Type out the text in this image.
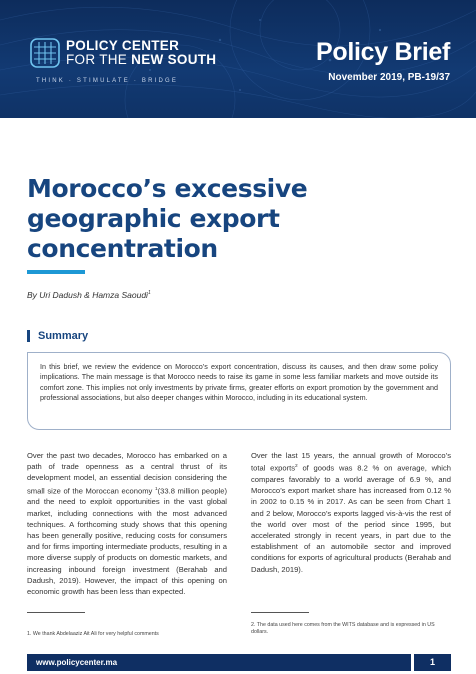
POLICY CENTER
FOR THE NEW SOUTH
THINK · STIMULATE · BRIDGE
Policy Brief
November 2019, PB-19/37
Morocco’s excessive geographic export concentration
By Uri Dadush & Hamza Saoudi$^1$
Summary

In this brief, we review the evidence on Morocco’s export concentration, discuss its causes, and then draw some policy implications. The main message is that Morocco needs to raise its game in some less familiar markets and move outside its comfort zone. This implies not only investments by private firms, greater efforts on export promotion by the government and professional associations, but also deeper changes within Morocco, including in its educational system.

Over the past two decades, Morocco has embarked on a path of trade openness as a central thrust of its development model, an essential decision considering the small size of the Moroccan economy $^1$(33.8 million people) and the need to exploit opportunities in the vast global market, including connections with the most advanced techniques. A forthcoming study shows that this opening has been generally positive, reducing costs for consumers and for firms importing intermediate products, resulting in a more diverse supply of products on domestic markets, and increasing inbound foreign investment (Berahab and Dadush, 2019). However, the impact of this opening on economic growth has been less than expected.

Over the last 15 years, the annual growth of Morocco’s total exports$^2$ of goods was 8.2 % on average, which compares favorably to a world average of 6.9 %, and Morocco’s export market share has increased from 0.12 % in 2002 to 0.15 % in 2017. As can be seen from Chart 1 and 2 below, Morocco’s exports lagged vis-à-vis the rest of the world over most of the period since 1995, but accelerated strongly in recent years, in part due to the establishment of an automobile sector and improved conditions for exports of agricultural products (Berahab and Dadush, 2019).

1. We thank Abdelaaziz Ait Ali for very helpful comments
2. The data used here comes from the WITS database and is expressed in US dollars.
www.policycenter.ma	1
